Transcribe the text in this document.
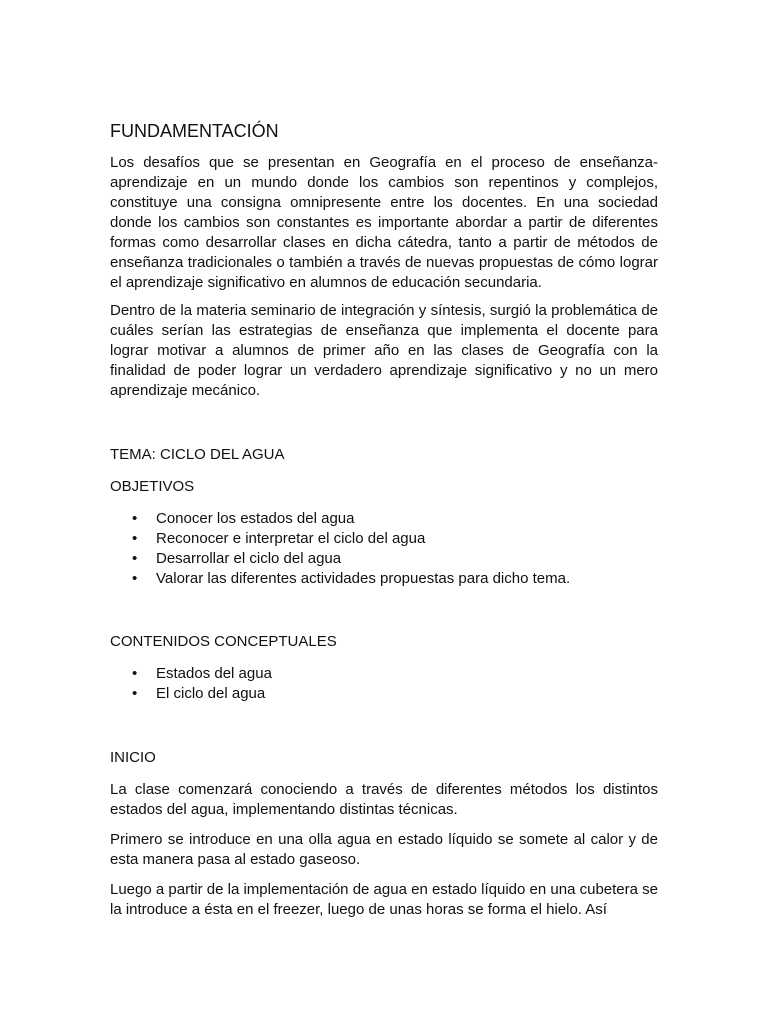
FUNDAMENTACIÓN

Los desafíos que se presentan en Geografía en el proceso de enseñanza-aprendizaje en un mundo donde los cambios son repentinos y complejos, constituye una consigna omnipresente entre los docentes. En una sociedad donde los cambios son constantes es importante abordar a partir de diferentes formas como desarrollar clases en dicha cátedra, tanto a partir de métodos de enseñanza tradicionales o también a través de nuevas propuestas de cómo lograr el aprendizaje significativo en alumnos de educación secundaria.

Dentro de la materia seminario de integración y síntesis, surgió la problemática de cuáles serían las estrategias de enseñanza que implementa el docente para lograr motivar a alumnos de primer año en las clases de Geografía con la finalidad de poder lograr un verdadero aprendizaje significativo y no un mero aprendizaje mecánico.

TEMA: CICLO DEL AGUA
OBJETIVOS
• Conocer los estados del agua
• Reconocer e interpretar el ciclo del agua
• Desarrollar el ciclo del agua
• Valorar las diferentes actividades propuestas para dicho tema.
CONTENIDOS CONCEPTUALES
• Estados del agua
• El ciclo del agua
INICIO

La clase comenzará conociendo a través de diferentes métodos los distintos estados del agua, implementando distintas técnicas.

Primero se introduce en una olla agua en estado líquido se somete al calor y de esta manera pasa al estado gaseoso.

Luego a partir de la implementación de agua en estado líquido en una cubetera se la introduce a ésta en el freezer, luego de unas horas se forma el hielo. Así
